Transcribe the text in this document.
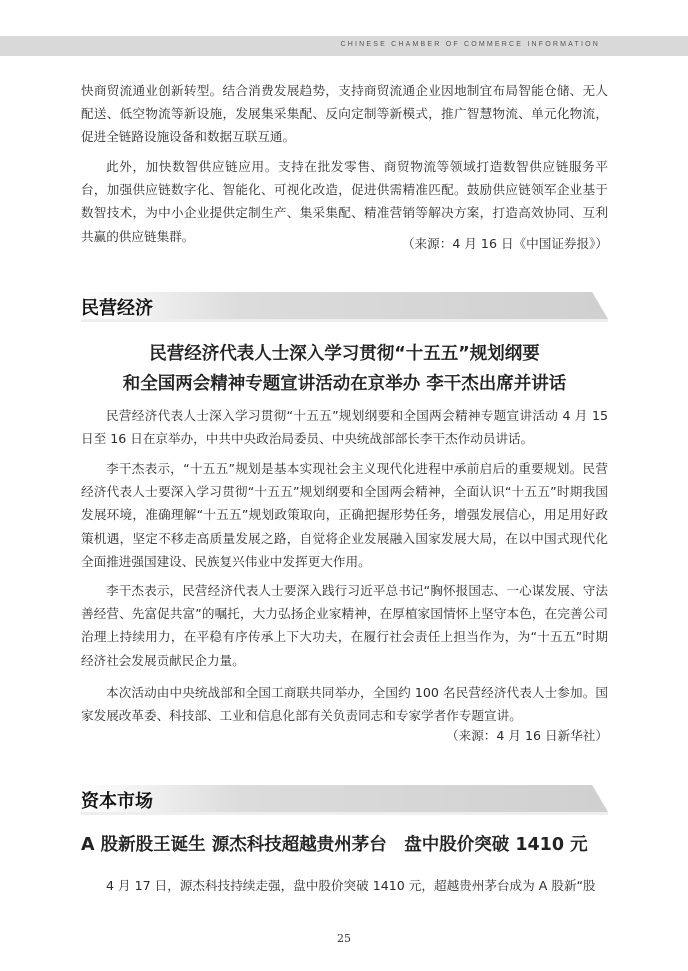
CHINESE CHAMBER OF COMMERCE INFORMATION

快商贸流通业创新转型。结合消费发展趋势，支持商贸流通企业因地制宜布局智能仓储、无人配送、低空物流等新设施，发展集采集配、反向定制等新模式，推广智慧物流、单元化物流，促进全链路设施设备和数据互联互通。

此外，加快数智供应链应用。支持在批发零售、商贸物流等领域打造数智供应链服务平台，加强供应链数字化、智能化、可视化改造，促进供需精准匹配。鼓励供应链领军企业基于数智技术，为中小企业提供定制生产、集采集配、精准营销等解决方案，打造高效协同、互利共赢的供应链集群。	（来源：4 月 16 日《中国证券报》）

民营经济

民营经济代表人士深入学习贯彻“十五五”规划纲要

和全国两会精神专题宣讲活动在京举办 李干杰出席并讲话

民营经济代表人士深入学习贯彻“十五五”规划纲要和全国两会精神专题宣讲活动 4 月 15 日至 16 日在京举办，中共中央政治局委员、中央统战部部长李干杰作动员讲话。

李干杰表示，“十五五”规划是基本实现社会主义现代化进程中承前启后的重要规划。民营经济代表人士要深入学习贯彻“十五五”规划纲要和全国两会精神，全面认识“十五五”时期我国发展环境，准确理解“十五五”规划政策取向，正确把握形势任务，增强发展信心，用足用好政策机遇，坚定不移走高质量发展之路，自觉将企业发展融入国家发展大局，在以中国式现代化全面推进强国建设、民族复兴伟业中发挥更大作用。

李干杰表示，民营经济代表人士要深入践行习近平总书记“胸怀报国志、一心谋发展、守法善经营、先富促共富”的嘱托，大力弘扬企业家精神，在厚植家国情怀上坚守本色，在完善公司治理上持续用力，在平稳有序传承上下大功夫，在履行社会责任上担当作为，为“十五五”时期经济社会发展贡献民企力量。

本次活动由中央统战部和全国工商联共同举办，全国约 100 名民营经济代表人士参加。国家发展改革委、科技部、工业和信息化部有关负责同志和专家学者作专题宣讲。

（来源：4 月 16 日新华社）

资本市场

A 股新股王诞生 源杰科技超越贵州茅台　盘中股价突破 1410 元

4 月 17 日，源杰科技持续走强，盘中股价突破 1410 元，超越贵州茅台成为 A 股新“股

25
